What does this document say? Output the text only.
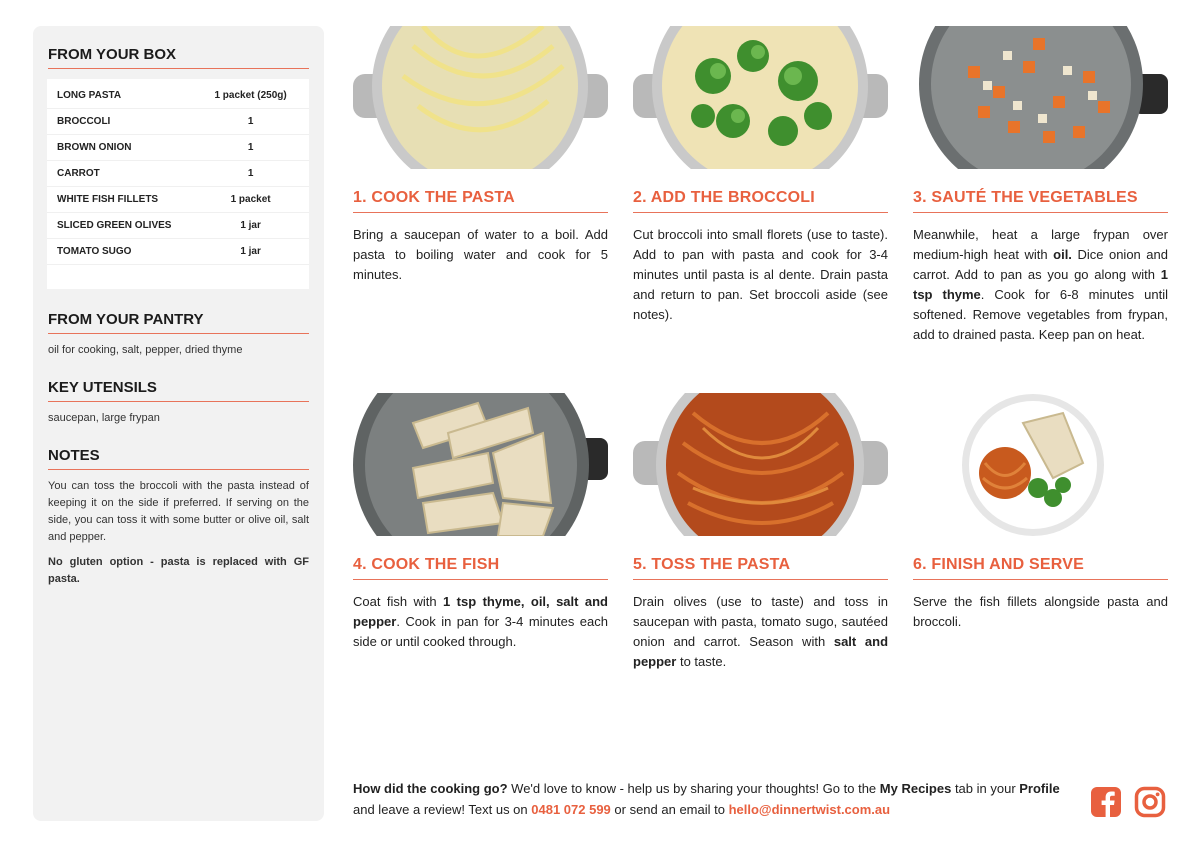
FROM YOUR BOX
LONG PASTA	1 packet (250g)
BROCCOLI	1
BROWN ONION	1
CARROT	1
WHITE FISH FILLETS	1 packet
SLICED GREEN OLIVES	1 jar
TOMATO SUGO	1 jar
FROM YOUR PANTRY
oil for cooking, salt, pepper, dried thyme
KEY UTENSILS
saucepan, large frypan
NOTES
You can toss the broccoli with the pasta instead of keeping it on the side if preferred. If serving on the side, you can toss it with some butter or olive oil, salt and pepper.
No gluten option - pasta is replaced with GF pasta.
1. COOK THE PASTA
Bring a saucepan of water to a boil. Add pasta to boiling water and cook for 5 minutes.
2. ADD THE BROCCOLI
Cut broccoli into small florets (use to taste). Add to pan with pasta and cook for 3-4 minutes until pasta is al dente. Drain pasta and return to pan. Set broccoli aside (see notes).
3. SAUTÉ THE VEGETABLES
Meanwhile, heat a large frypan over medium-high heat with oil. Dice onion and carrot. Add to pan as you go along with 1 tsp thyme. Cook for 6-8 minutes until softened. Remove vegetables from frypan, add to drained pasta. Keep pan on heat.
4. COOK THE FISH
Coat fish with 1 tsp thyme, oil, salt and pepper. Cook in pan for 3-4 minutes each side or until cooked through.
5. TOSS THE PASTA
Drain olives (use to taste) and toss in saucepan with pasta, tomato sugo, sautéed onion and carrot. Season with salt and pepper to taste.
6. FINISH AND SERVE
Serve the fish fillets alongside pasta and broccoli.
How did the cooking go? We'd love to know - help us by sharing your thoughts! Go to the My Recipes tab in your Profile and leave a review! Text us on 0481 072 599 or send an email to hello@dinnertwist.com.au
